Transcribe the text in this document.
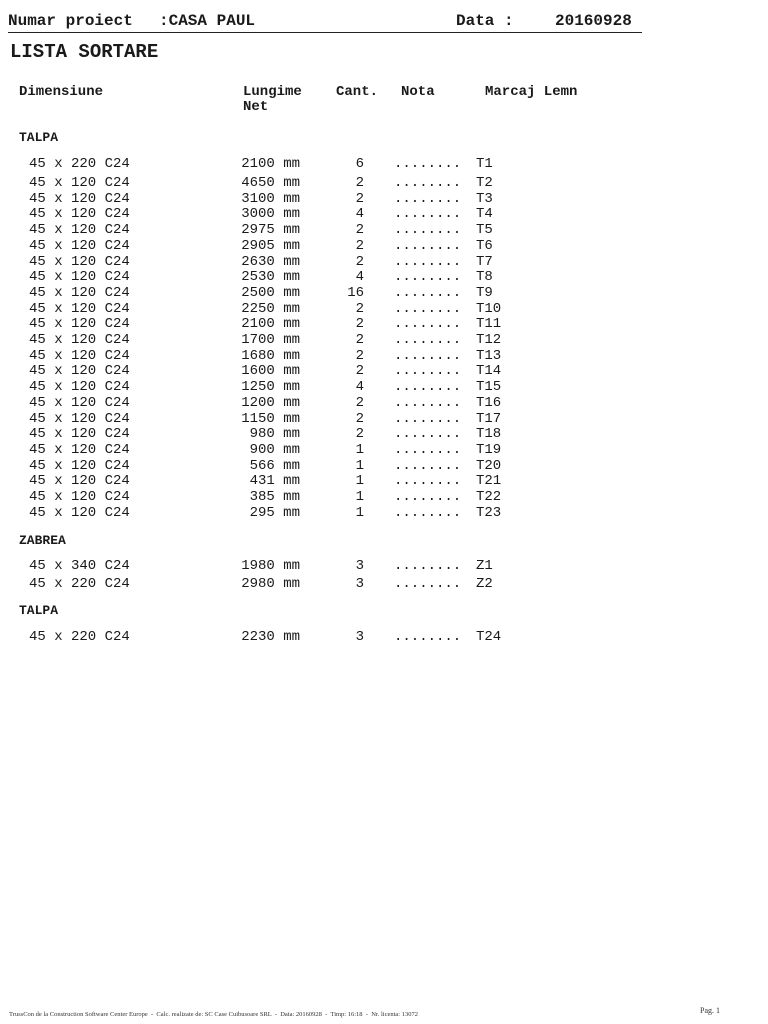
Numar proiect :CASA PAUL	Data :	20160928
LISTA SORTARE
Dimensiune	Lungime
Net
Cant. Nota	Marcaj Lemn
TALPA
45 x 220 C24	2100 mm	6 ........ T1
45 x 120 C24	4650 mm	2 ........ T2
45 x 120 C24	3100 mm	2 ........ T3
45 x 120 C24	3000 mm	4 ........ T4
45 x 120 C24	2975 mm	2 ........ T5
45 x 120 C24	2905 mm	2 ........ T6
45 x 120 C24	2630 mm	2 ........ T7
45 x 120 C24	2530 mm	4 ........ T8
45 x 120 C24	2500 mm	16 ........ T9
45 x 120 C24	2250 mm	2 ........ T10
45 x 120 C24	2100 mm	2 ........ T11
45 x 120 C24	1700 mm	2 ........ T12
45 x 120 C24	1680 mm	2 ........ T13
45 x 120 C24	1600 mm	2 ........ T14
45 x 120 C24	1250 mm	4 ........ T15
45 x 120 C24	1200 mm	2 ........ T16
45 x 120 C24	1150 mm	2 ........ T17
45 x 120 C24	980 mm	2 ........ T18
45 x 120 C24	900 mm	1 ........ T19
45 x 120 C24	566 mm	1 ........ T20
45 x 120 C24	431 mm	1 ........ T21
45 x 120 C24	385 mm	1 ........ T22
45 x 120 C24	295 mm	1 ........ T23
ZABREA
45 x 340 C24	1980 mm	3 ........ Z1
45 x 220 C24	2980 mm	3 ........ Z2
TALPA
45 x 220 C24	2230 mm	3 ........ T24
TrussCon de la Construction Software Center Europe  -  Calc. realizate de: SC Case Cuibusoare SRL  -  Data: 20160928  -  Timp: 16:18  -  Nr. licenta: 13072	Pag. 1
